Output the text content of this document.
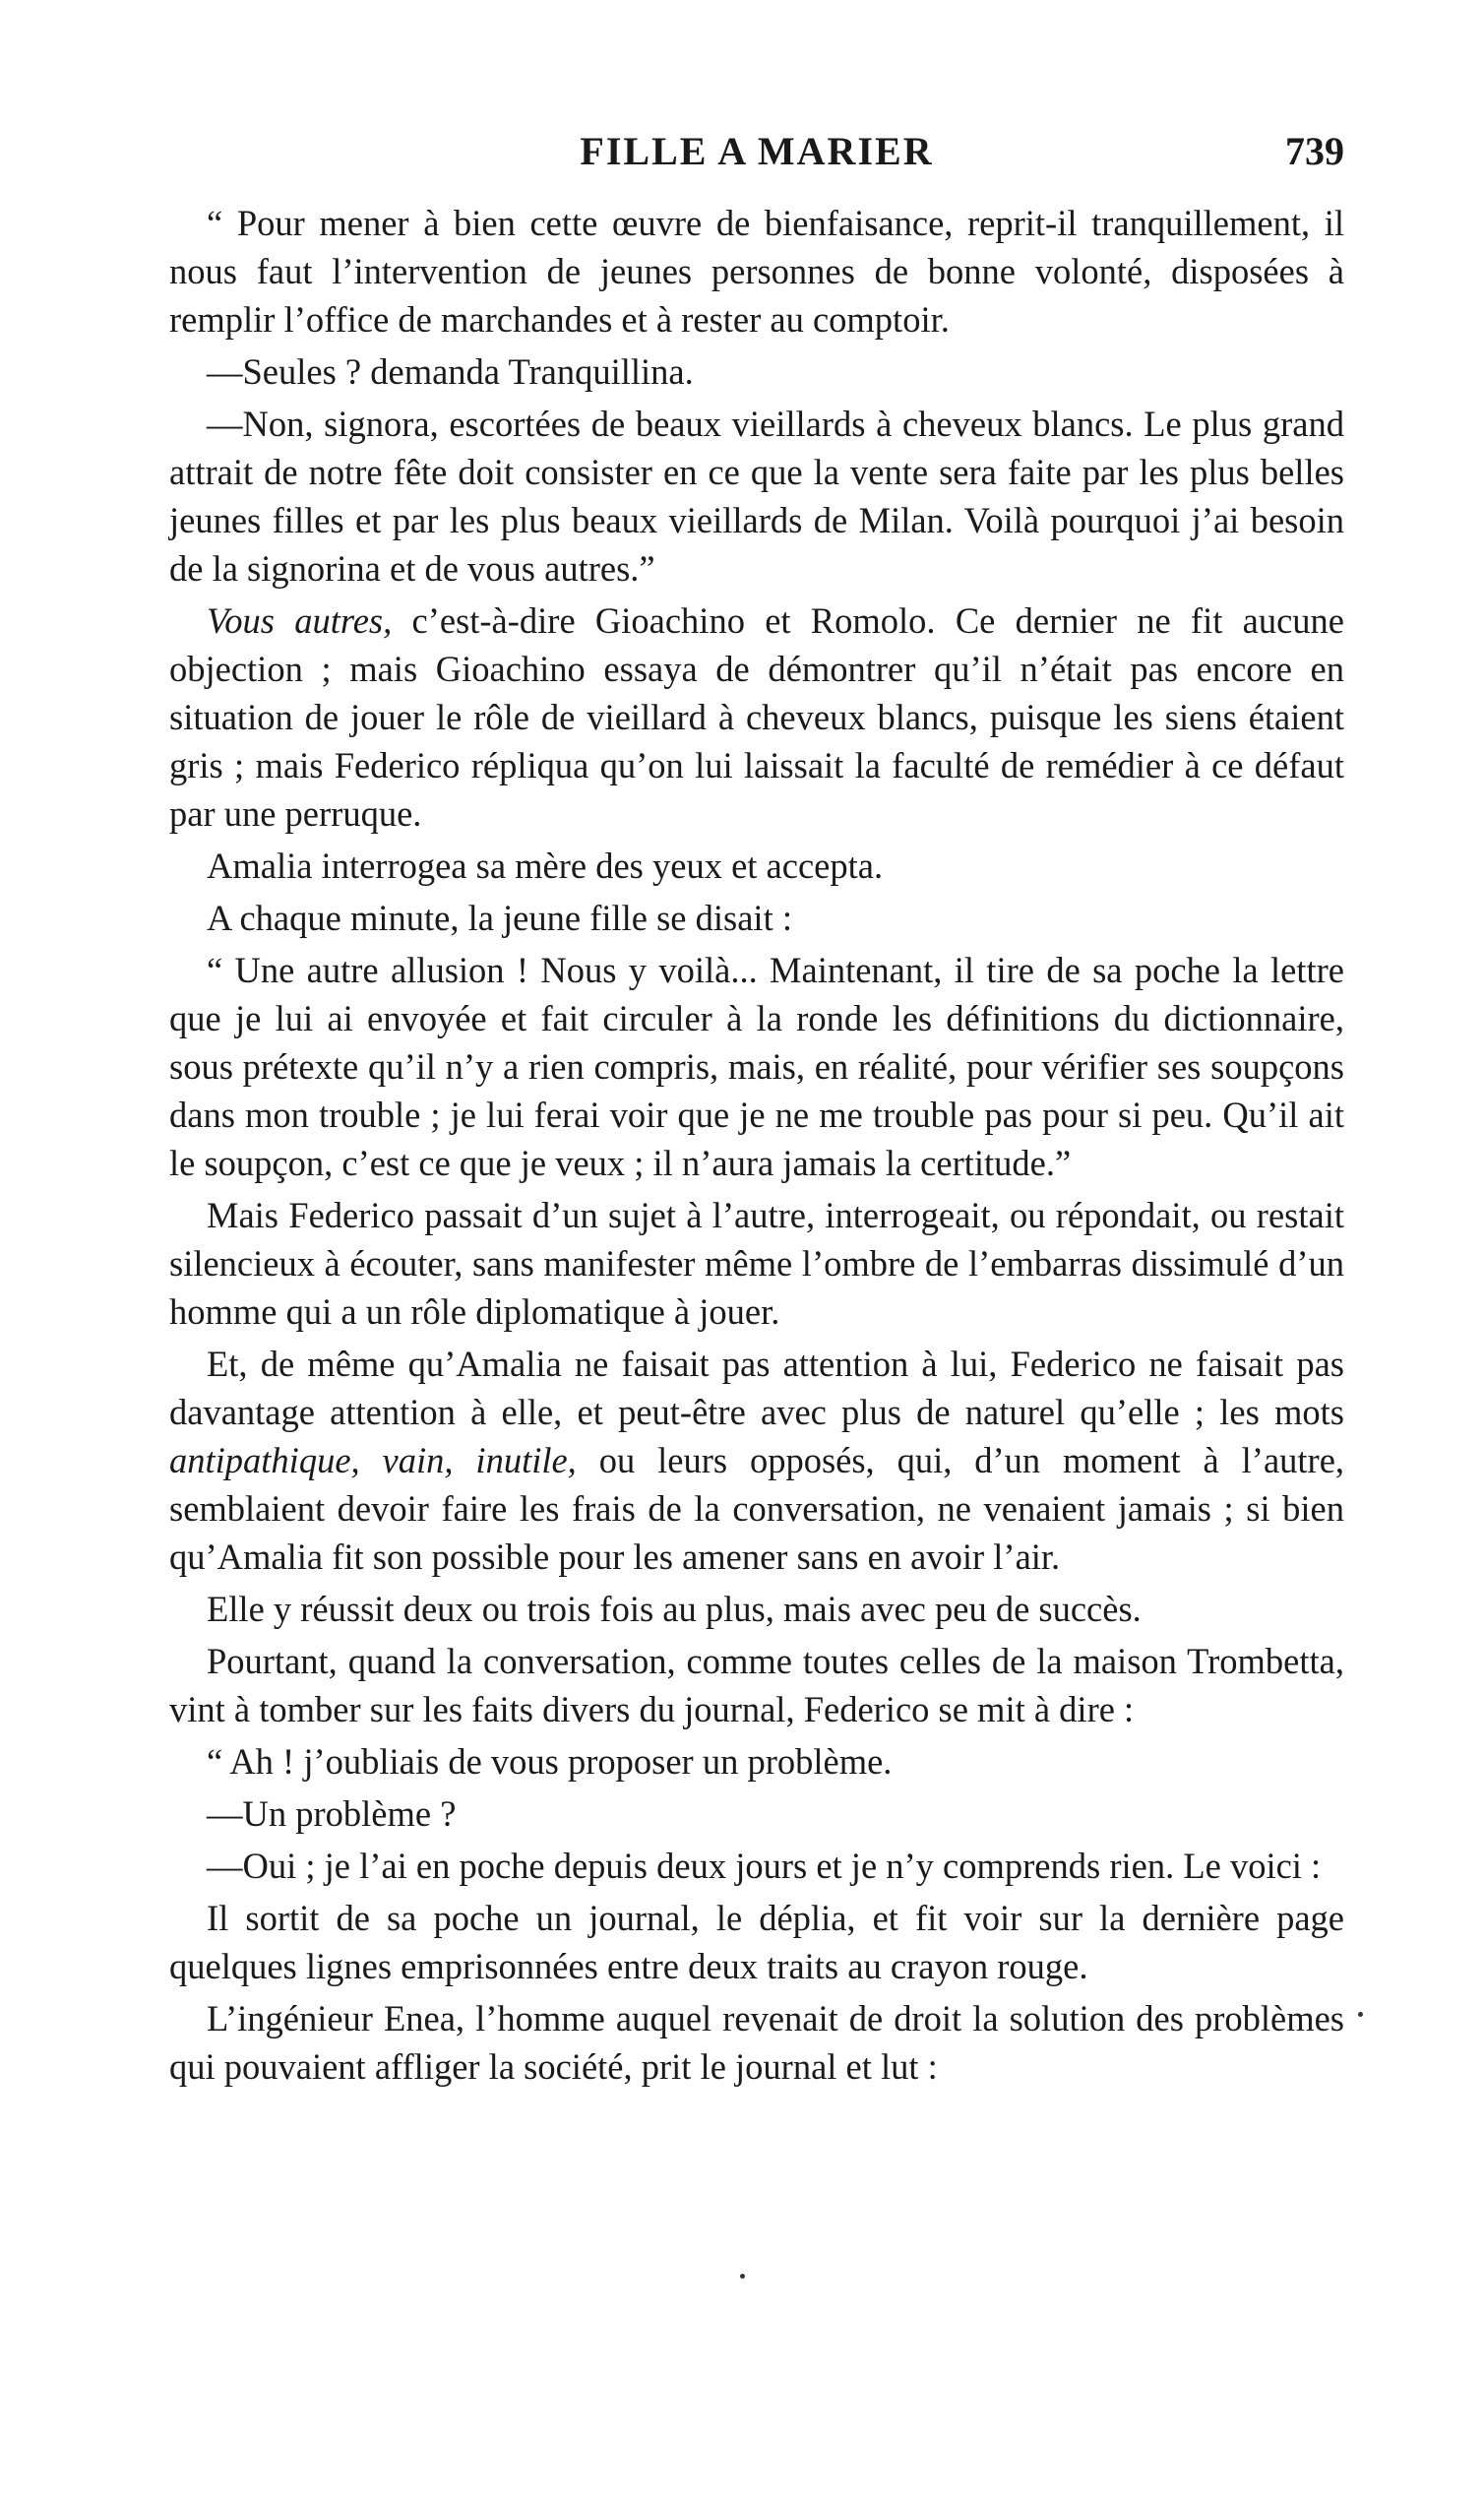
FILLE A MARIER	739

“ Pour mener à bien cette œuvre de bienfaisance, reprit-il tranquillement, il nous faut l’intervention de jeunes personnes de bonne volonté, disposées à remplir l’office de marchandes et à rester au comptoir.

—Seules ? demanda Tranquillina.

—Non, signora, escortées de beaux vieillards à cheveux blancs. Le plus grand attrait de notre fête doit consister en ce que la vente sera faite par les plus belles jeunes filles et par les plus beaux vieillards de Milan. Voilà pourquoi j’ai besoin de la signorina et de vous autres.”

Vous autres, c’est-à-dire Gioachino et Romolo. Ce dernier ne fit aucune objection ; mais Gioachino essaya de démontrer qu’il n’était pas encore en situation de jouer le rôle de vieillard à cheveux blancs, puisque les siens étaient gris ; mais Federico répliqua qu’on lui laissait la faculté de remédier à ce défaut par une perruque.

Amalia interrogea sa mère des yeux et accepta.

A chaque minute, la jeune fille se disait :

“ Une autre allusion ! Nous y voilà... Maintenant, il tire de sa poche la lettre que je lui ai envoyée et fait circuler à la ronde les définitions du dictionnaire, sous prétexte qu’il n’y a rien compris, mais, en réalité, pour vérifier ses soupçons dans mon trouble ; je lui ferai voir que je ne me trouble pas pour si peu. Qu’il ait le soupçon, c’est ce que je veux ; il n’aura jamais la certitude.”

Mais Federico passait d’un sujet à l’autre, interrogeait, ou répondait, ou restait silencieux à écouter, sans manifester même l’ombre de l’embarras dissimulé d’un homme qui a un rôle diplomatique à jouer.

Et, de même qu’Amalia ne faisait pas attention à lui, Federico ne faisait pas davantage attention à elle, et peut-être avec plus de naturel qu’elle ; les mots antipathique, vain, inutile, ou leurs opposés, qui, d’un moment à l’autre, semblaient devoir faire les frais de la conversation, ne venaient jamais ; si bien qu’Amalia fit son possible pour les amener sans en avoir l’air.

Elle y réussit deux ou trois fois au plus, mais avec peu de succès.

Pourtant, quand la conversation, comme toutes celles de la maison Trombetta, vint à tomber sur les faits divers du journal, Federico se mit à dire :

“ Ah ! j’oubliais de vous proposer un problème.

—Un problème ?

—Oui ; je l’ai en poche depuis deux jours et je n’y comprends rien. Le voici :

Il sortit de sa poche un journal, le déplia, et fit voir sur la dernière page quelques lignes emprisonnées entre deux traits au crayon rouge.

L’ingénieur Enea, l’homme auquel revenait de droit la solution des problèmes qui pouvaient affliger la société, prit le journal et lut :
